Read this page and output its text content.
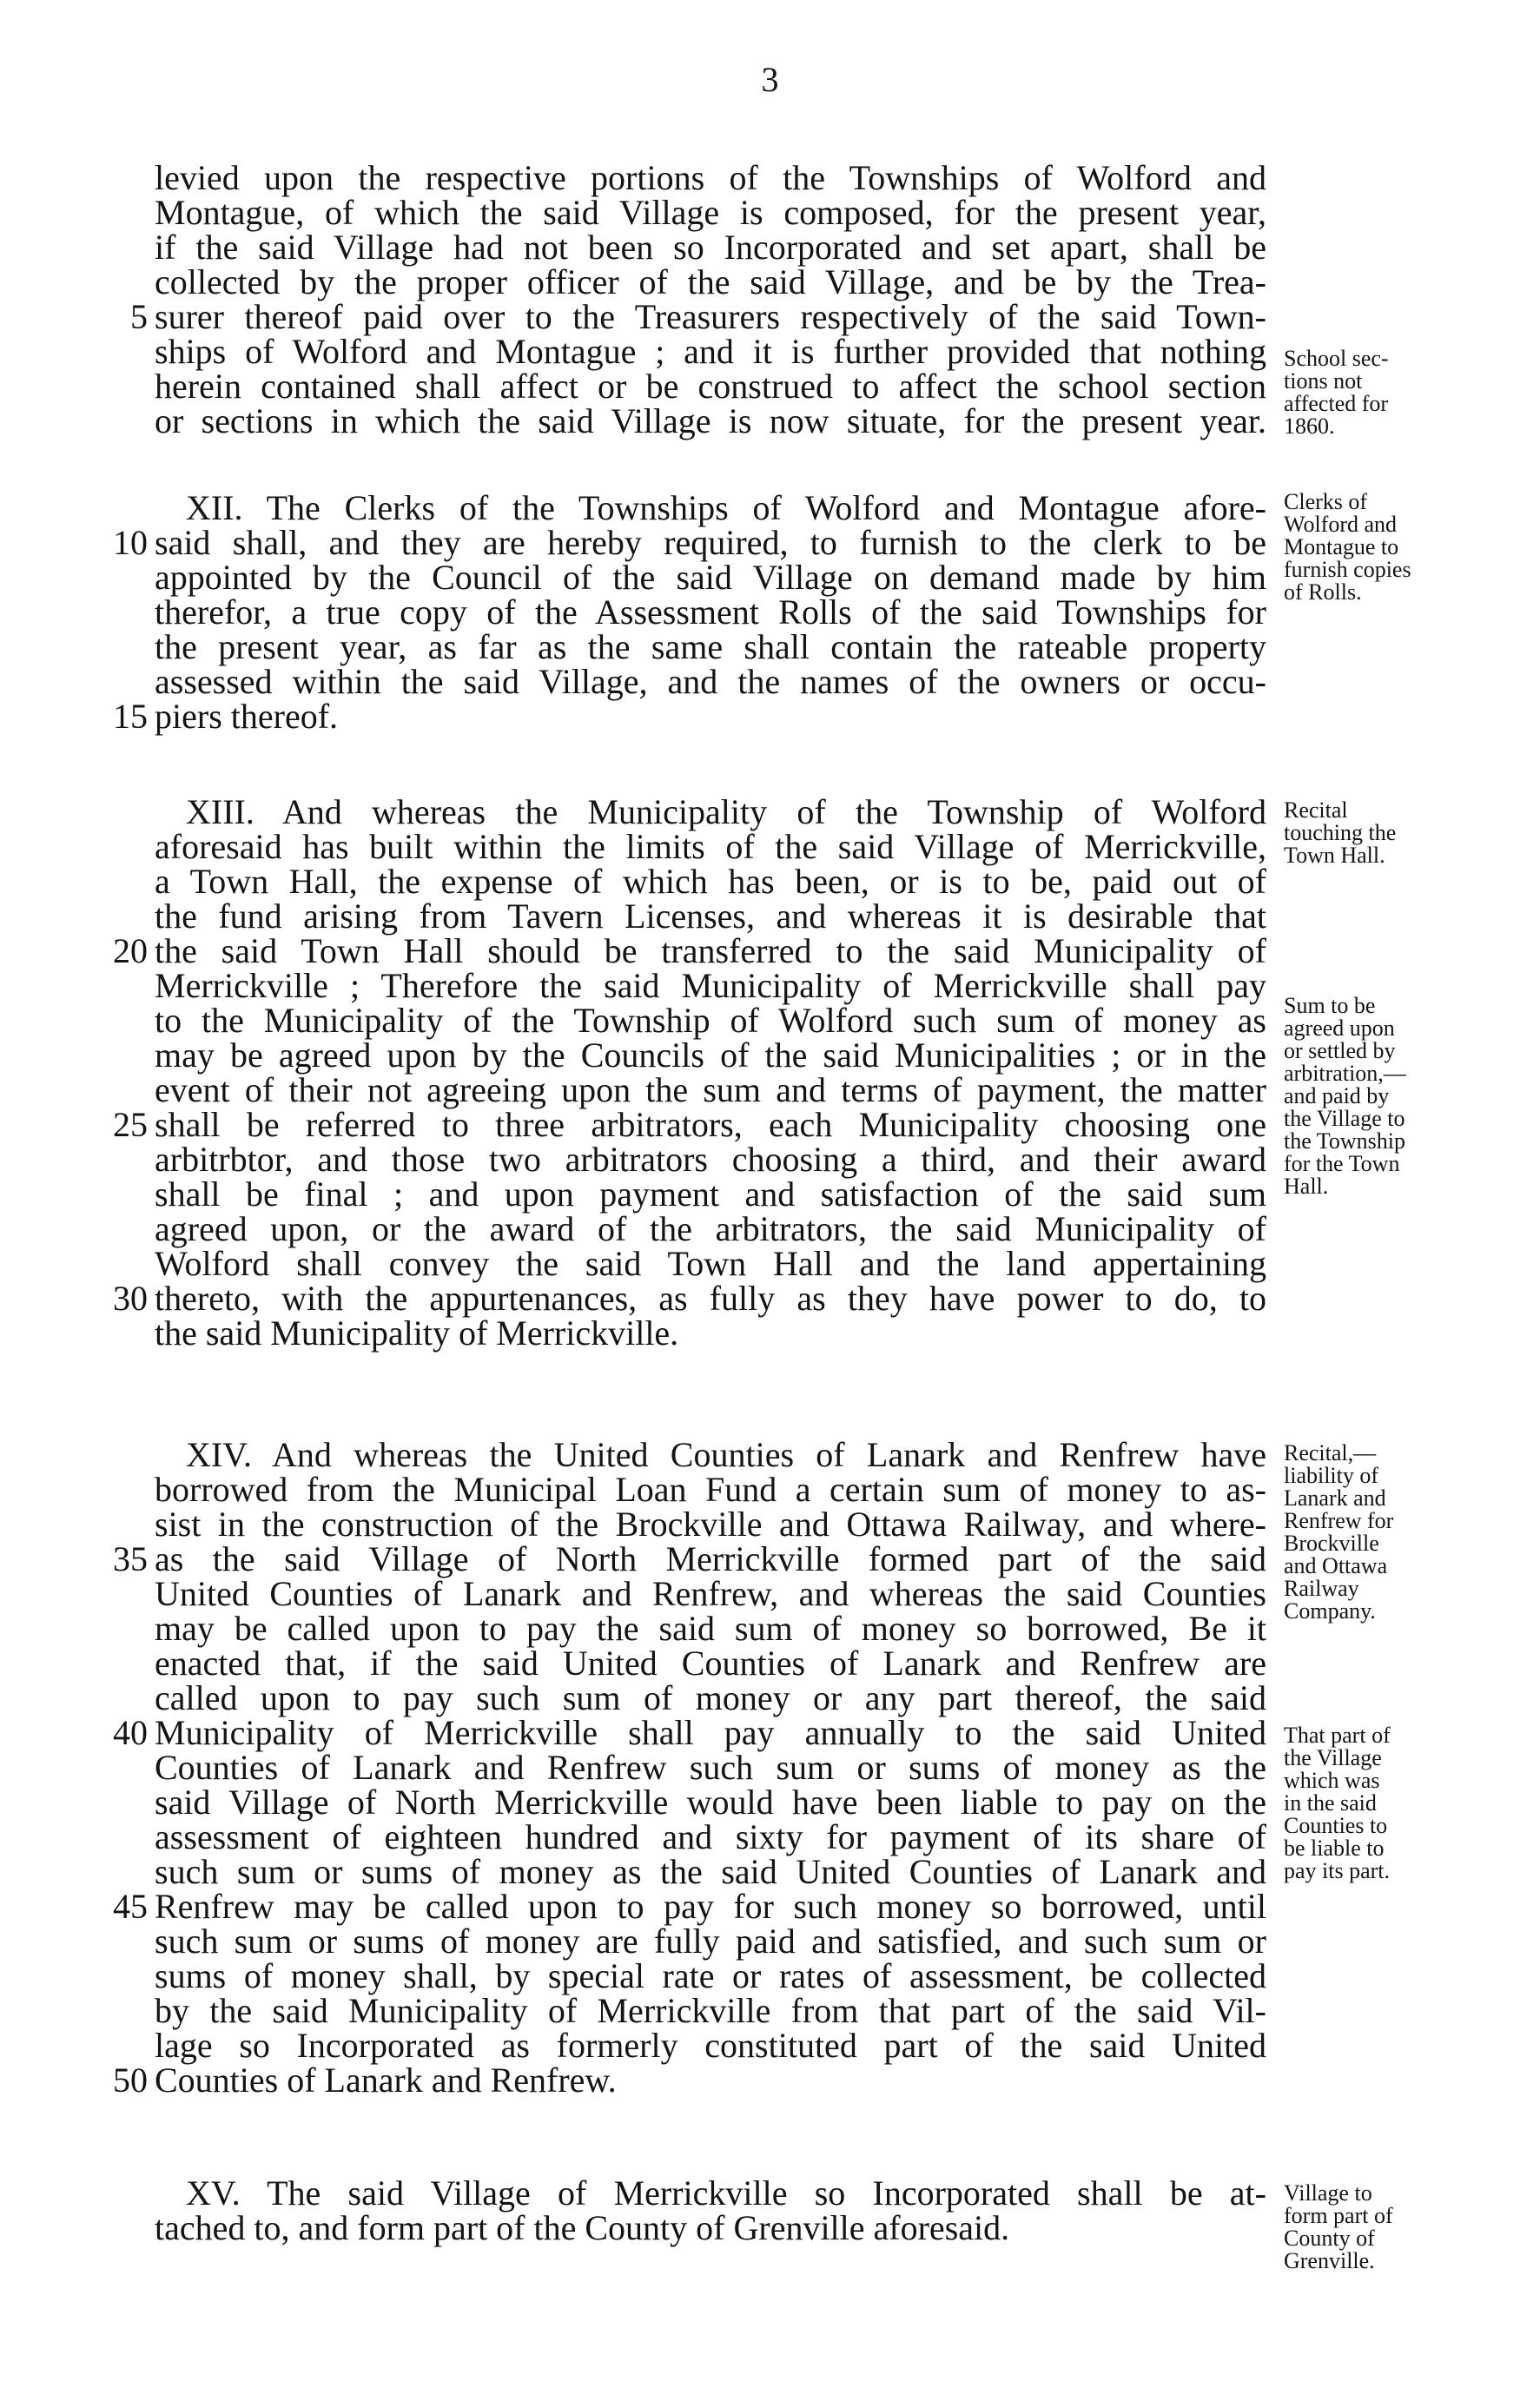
3
levied upon the respective portions of the Townships of Wolford and
Montague, of which the said Village is composed, for the present year,
if the said Village had not been so Incorporated and set apart, shall be
collected by the proper officer of the said Village, and be by the Trea-
surer thereof paid over to the Treasurers respectively of the said Town-
ships of Wolford and Montague ; and it is further provided that nothing
herein contained shall affect or be construed to affect the school section
or sections in which the said Village is now situate, for the present year.
School sec-
tions not
affected for
1860.
XII. The Clerks of the Townships of Wolford and Montague afore-
said shall, and they are hereby required, to furnish to the clerk to be
appointed by the Council of the said Village on demand made by him
therefor, a true copy of the Assessment Rolls of the said Townships for
the present year, as far as the same shall contain the rateable property
assessed within the said Village, and the names of the owners or occu-
piers thereof.
Clerks of
Wolford and
Montague to
furnish copies
of Rolls.
XIII. And whereas the Municipality of the Township of Wolford
aforesaid has built within the limits of the said Village of Merrickville,
a Town Hall, the expense of which has been, or is to be, paid out of
the fund arising from Tavern Licenses, and whereas it is desirable that
the said Town Hall should be transferred to the said Municipality of
Merrickville ; Therefore the said Municipality of Merrickville shall pay
to the Municipality of the Township of Wolford such sum of money as
may be agreed upon by the Councils of the said Municipalities ; or in the
event of their not agreeing upon the sum and terms of payment, the matter
shall be referred to three arbitrators, each Municipality choosing one
arbitrbtor, and those two arbitrators choosing a third, and their award
shall be final ; and upon payment and satisfaction of the said sum
agreed upon, or the award of the arbitrators, the said Municipality of
Wolford shall convey the said Town Hall and the land appertaining
thereto, with the appurtenances, as fully as they have power to do, to
the said Municipality of Merrickville.
Recital
touching the
Town Hall.
Sum to be
agreed upon
or settled by
arbitration,—
and paid by
the Village to
the Township
for the Town
Hall.
XIV. And whereas the United Counties of Lanark and Renfrew have
borrowed from the Municipal Loan Fund a certain sum of money to as-
sist in the construction of the Brockville and Ottawa Railway, and where-
as the said Village of North Merrickville formed part of the said
United Counties of Lanark and Renfrew, and whereas the said Counties
may be called upon to pay the said sum of money so borrowed, Be it
enacted that, if the said United Counties of Lanark and Renfrew are
called upon to pay such sum of money or any part thereof, the said
Municipality of Merrickville shall pay annually to the said United
Counties of Lanark and Renfrew such sum or sums of money as the
said Village of North Merrickville would have been liable to pay on the
assessment of eighteen hundred and sixty for payment of its share of
such sum or sums of money as the said United Counties of Lanark and
Renfrew may be called upon to pay for such money so borrowed, until
such sum or sums of money are fully paid and satisfied, and such sum or
sums of money shall, by special rate or rates of assessment, be collected
by the said Municipality of Merrickville from that part of the said Vil-
lage so Incorporated as formerly constituted part of the said United
Counties of Lanark and Renfrew.
Recital,—
liability of
Lanark and
Renfrew for
Brockville
and Ottawa
Railway
Company.
That part of
the Village
which was
in the said
Counties to
be liable to
pay its part.
XV. The said Village of Merrickville so Incorporated shall be at-
tached to, and form part of the County of Grenville aforesaid.
Village to
form part of
County of
Grenville.
5
10
15
20
25
30
35
40
45
50
